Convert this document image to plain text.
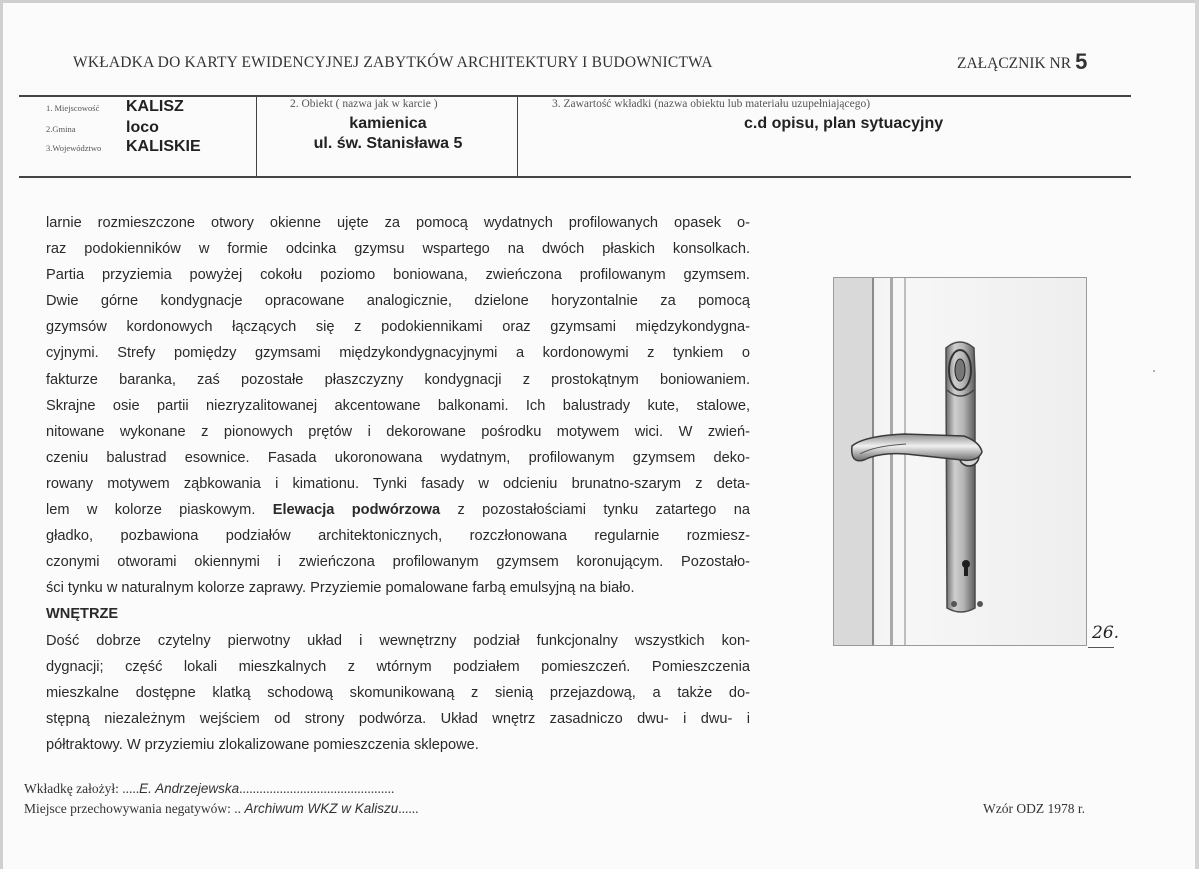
WKŁADKA DO KARTY EWIDENCYJNEJ ZABYTKÓW ARCHITEKTURY I BUDOWNICTWA	ZAŁĄCZNIK NR 5
1. Miejscowość KALISZ
2.Gmina	loco
3.Województwo KALISKIE
2. Obiekt ( nazwa jak w karcie )
kamienica
ul. św. Stanisława 5
3. Zawartość wkładki (nazwa obiektu lub materiału uzupełniającego)
c.d opisu, plan sytuacyjny
larnie rozmieszczone otwory okienne ujęte za pomocą wydatnych profilowanych opasek o-
raz podokienników w formie odcinka gzymsu wspartego na dwóch płaskich konsolkach.
Partia przyziemia powyżej cokołu poziomo boniowana, zwieńczona profilowanym gzymsem.
Dwie górne kondygnacje opracowane analogicznie, dzielone horyzontalnie za pomocą
gzymsów kordonowych łączących się z podokiennikami oraz gzymsami międzykondygna-
cyjnymi. Strefy pomiędzy gzymsami międzykondygnacyjnymi a kordonowymi z tynkiem o
fakturze baranka, zaś pozostałe płaszczyzny kondygnacji z prostokątnym boniowaniem.
Skrajne osie partii niezryzalitowanej akcentowane balkonami. Ich balustrady kute, stalowe,
nitowane wykonane z pionowych prętów i dekorowane pośrodku motywem wici. W zwień-
czeniu balustrad esownice. Fasada ukoronowana wydatnym, profilowanym gzymsem deko-
rowany motywem ząbkowania i kimationu. Tynki fasady w odcieniu brunatno-szarym z deta-
lem w kolorze piaskowym. Elewacja podwórzowa z pozostałościami tynku zatartego na
gładko, pozbawiona podziałów architektonicznych, rozczłonowana regularnie rozmiesz-
czonymi otworami okiennymi i zwieńczona profilowanym gzymsem koronującym. Pozostało-
ści tynku w naturalnym kolorze zaprawy. Przyziemie pomalowane farbą emulsyjną na biało.
WNĘTRZE
Dość dobrze czytelny pierwotny układ i wewnętrzny podział funkcjonalny wszystkich kon-
dygnacji; część lokali mieszkalnych z wtórnym podziałem pomieszczeń. Pomieszczenia
mieszkalne dostępne klatką schodową skomunikowaną z sienią przejazdową, a także do-
stępną niezależnym wejściem od strony podwórza. Układ wnętrz zasadniczo dwu- i dwu- i
półtraktowy. W przyziemiu zlokalizowane pomieszczenia sklepowe.
26.
Wkładkę założył: .....E. Andrzejewska..............................................
Miejsce przechowywania negatywów: .. Archiwum WKZ w Kaliszu......	Wzór ODZ 1978 r.
